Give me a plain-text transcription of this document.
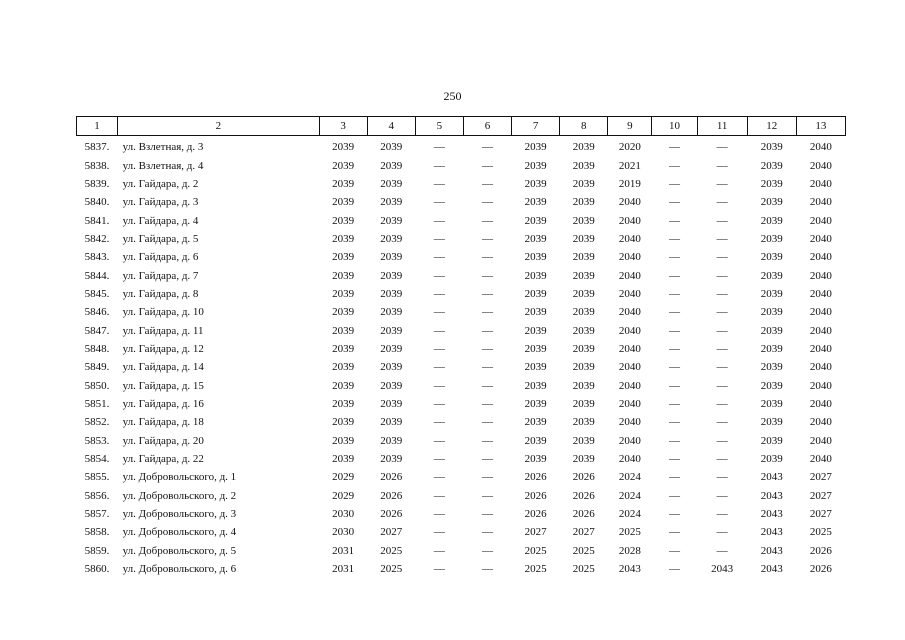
250
1	2	3	4	5	6	7	8	9	10	11	12	13
5837.	ул. Взлетная, д. 3	2039	2039	—	—	2039	2039	2020	—	—	2039	2040
5838.	ул. Взлетная, д. 4	2039	2039	—	—	2039	2039	2021	—	—	2039	2040
5839.	ул. Гайдара, д. 2	2039	2039	—	—	2039	2039	2019	—	—	2039	2040
5840.	ул. Гайдара, д. 3	2039	2039	—	—	2039	2039	2040	—	—	2039	2040
5841.	ул. Гайдара, д. 4	2039	2039	—	—	2039	2039	2040	—	—	2039	2040
5842.	ул. Гайдара, д. 5	2039	2039	—	—	2039	2039	2040	—	—	2039	2040
5843.	ул. Гайдара, д. 6	2039	2039	—	—	2039	2039	2040	—	—	2039	2040
5844.	ул. Гайдара, д. 7	2039	2039	—	—	2039	2039	2040	—	—	2039	2040
5845.	ул. Гайдара, д. 8	2039	2039	—	—	2039	2039	2040	—	—	2039	2040
5846.	ул. Гайдара, д. 10	2039	2039	—	—	2039	2039	2040	—	—	2039	2040
5847.	ул. Гайдара, д. 11	2039	2039	—	—	2039	2039	2040	—	—	2039	2040
5848.	ул. Гайдара, д. 12	2039	2039	—	—	2039	2039	2040	—	—	2039	2040
5849.	ул. Гайдара, д. 14	2039	2039	—	—	2039	2039	2040	—	—	2039	2040
5850.	ул. Гайдара, д. 15	2039	2039	—	—	2039	2039	2040	—	—	2039	2040
5851.	ул. Гайдара, д. 16	2039	2039	—	—	2039	2039	2040	—	—	2039	2040
5852.	ул. Гайдара, д. 18	2039	2039	—	—	2039	2039	2040	—	—	2039	2040
5853.	ул. Гайдара, д. 20	2039	2039	—	—	2039	2039	2040	—	—	2039	2040
5854.	ул. Гайдара, д. 22	2039	2039	—	—	2039	2039	2040	—	—	2039	2040
5855.	ул. Добровольского, д. 1	2029	2026	—	—	2026	2026	2024	—	—	2043	2027
5856.	ул. Добровольского, д. 2	2029	2026	—	—	2026	2026	2024	—	—	2043	2027
5857.	ул. Добровольского, д. 3	2030	2026	—	—	2026	2026	2024	—	—	2043	2027
5858.	ул. Добровольского, д. 4	2030	2027	—	—	2027	2027	2025	—	—	2043	2025
5859.	ул. Добровольского, д. 5	2031	2025	—	—	2025	2025	2028	—	—	2043	2026
5860.	ул. Добровольского, д. 6	2031	2025	—	—	2025	2025	2043	—	2043	2043	2026
